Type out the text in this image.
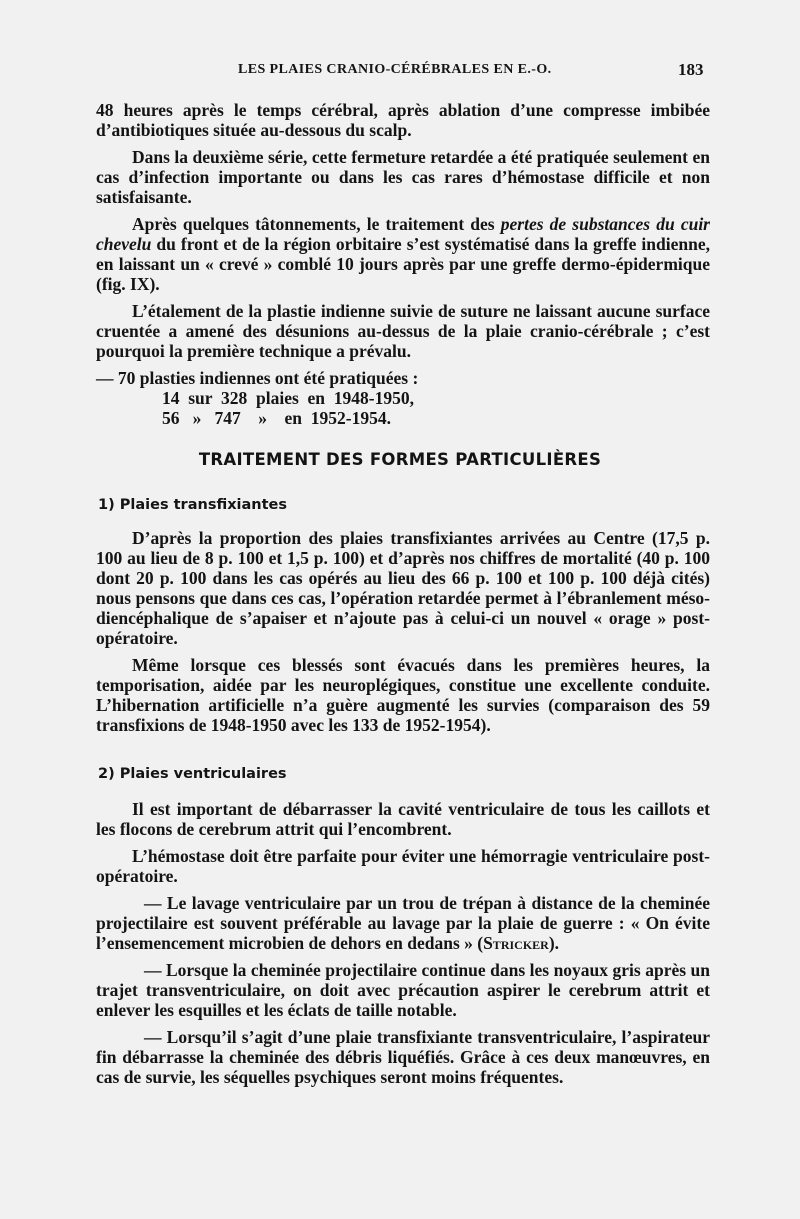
LES PLAIES CRANIO-CÉRÉBRALES EN E.-O.	183

48 heures après le temps cérébral, après ablation d’une compresse imbibée d’antibiotiques située au-dessous du scalp.

Dans la deuxième série, cette fermeture retardée a été pratiquée seulement en cas d’infection importante ou dans les cas rares d’hémostase difficile et non satisfaisante.

Après quelques tâtonnements, le traitement des pertes de substances du cuir chevelu du front et de la région orbitaire s’est systématisé dans la greffe indienne, en laissant un « crevé » comblé 10 jours après par une greffe dermo-épidermique (fig. IX).

L’étalement de la plastie indienne suivie de suture ne laissant aucune surface cruentée a amené des désunions au-dessus de la plaie cranio-cérébrale ; c’est pourquoi la première technique a prévalu.

— 70 plasties indiennes ont été pratiquées :

14  sur  328  plaies  en  1948-1950,
56   »   747    »    en  1952-1954.
TRAITEMENT DES FORMES PARTICULIÈRES
1) Plaies transfixiantes

D’après la proportion des plaies transfixiantes arrivées au Centre (17,5 p. 100 au lieu de 8 p. 100 et 1,5 p. 100) et d’après nos chiffres de mortalité (40 p. 100 dont 20 p. 100 dans les cas opérés au lieu des 66 p. 100 et 100 p. 100 déjà cités) nous pensons que dans ces cas, l’opération retardée permet à l’ébranlement méso-diencéphalique de s’apaiser et n’ajoute pas à celui-ci un nouvel « orage » post-opératoire.

Même lorsque ces blessés sont évacués dans les premières heures, la temporisation, aidée par les neuroplégiques, constitue une excellente conduite. L’hibernation artificielle n’a guère augmenté les survies (comparaison des 59 transfixions de 1948-1950 avec les 133 de 1952-1954).

2) Plaies ventriculaires

Il est important de débarrasser la cavité ventriculaire de tous les caillots et les flocons de cerebrum attrit qui l’encombrent.

L’hémostase doit être parfaite pour éviter une hémorragie ventriculaire post-opératoire.

— Le lavage ventriculaire par un trou de trépan à distance de la cheminée projectilaire est souvent préférable au lavage par la plaie de guerre : « On évite l’ensemencement microbien de dehors en dedans » (Stricker).

— Lorsque la cheminée projectilaire continue dans les noyaux gris après un trajet transventriculaire, on doit avec précaution aspirer le cerebrum attrit et enlever les esquilles et les éclats de taille notable.

— Lorsqu’il s’agit d’une plaie transfixiante transventriculaire, l’aspirateur fin débarrasse la cheminée des débris liquéfiés. Grâce à ces deux manœuvres, en cas de survie, les séquelles psychiques seront moins fréquentes.
